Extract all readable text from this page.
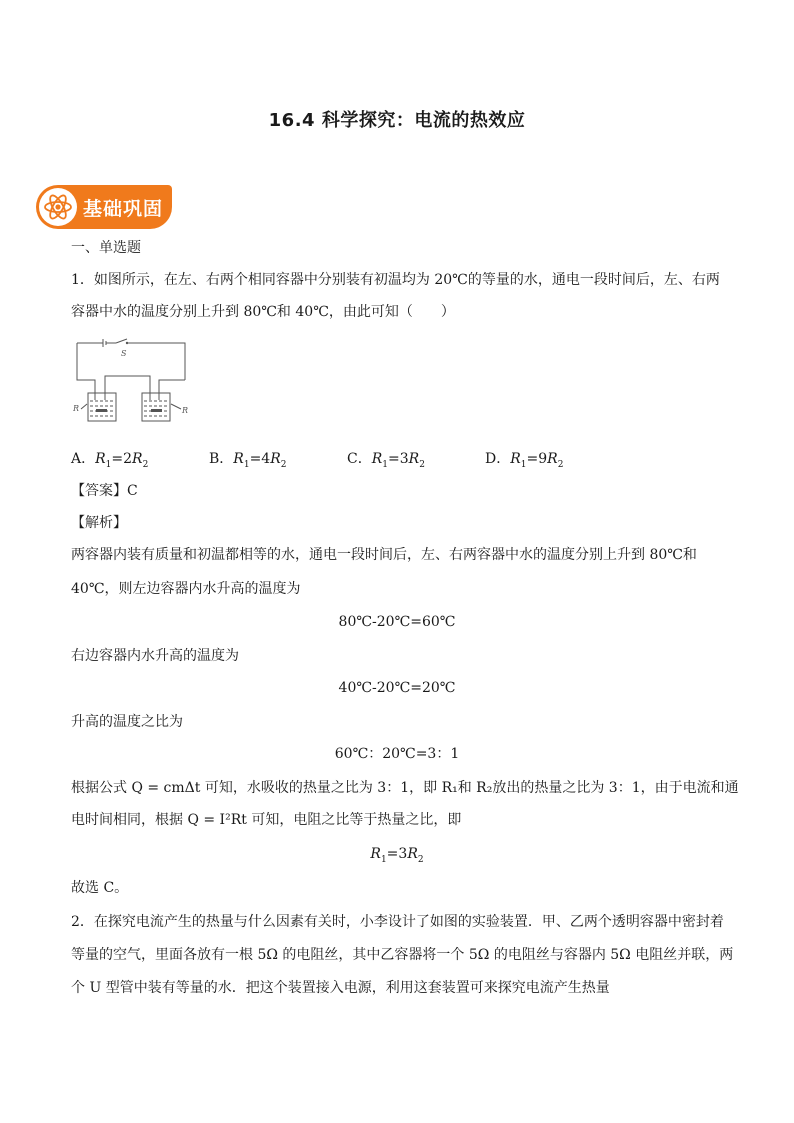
16.4 科学探究：电流的热效应
基础巩固
一、单选题
1．如图所示，在左、右两个相同容器中分别装有初温均为 20℃的等量的水，通电一段时间后，左、右两
容器中水的温度分别上升到 80℃和 40℃，由此可知（　　）
S
R	R
A．$R_1=2R_2$	B．$R_1=4R_2$	C．$R_1=3R_2$	D．$R_1=9R_2$
【答案】C
【解析】
两容器内装有质量和初温都相等的水，通电一段时间后，左、右两容器中水的温度分别上升到 80℃和
40℃，则左边容器内水升高的温度为
80℃-20℃=60℃
右边容器内水升高的温度为
40℃-20℃=20℃
升高的温度之比为
60℃：20℃=3：1
根据公式 Q = cmΔt 可知，水吸收的热量之比为 3：1，即 R₁和 R₂放出的热量之比为 3：1，由于电流和通
电时间相同，根据 Q = I²Rt 可知，电阻之比等于热量之比，即
$R_1=3R_2$
故选 C。
2．在探究电流产生的热量与什么因素有关时，小李设计了如图的实验装置．甲、乙两个透明容器中密封着
等量的空气，里面各放有一根 5Ω 的电阻丝，其中乙容器将一个 5Ω 的电阻丝与容器内 5Ω 电阻丝并联，两
个 U 型管中装有等量的水．把这个装置接入电源，利用这套装置可来探究电流产生热量
